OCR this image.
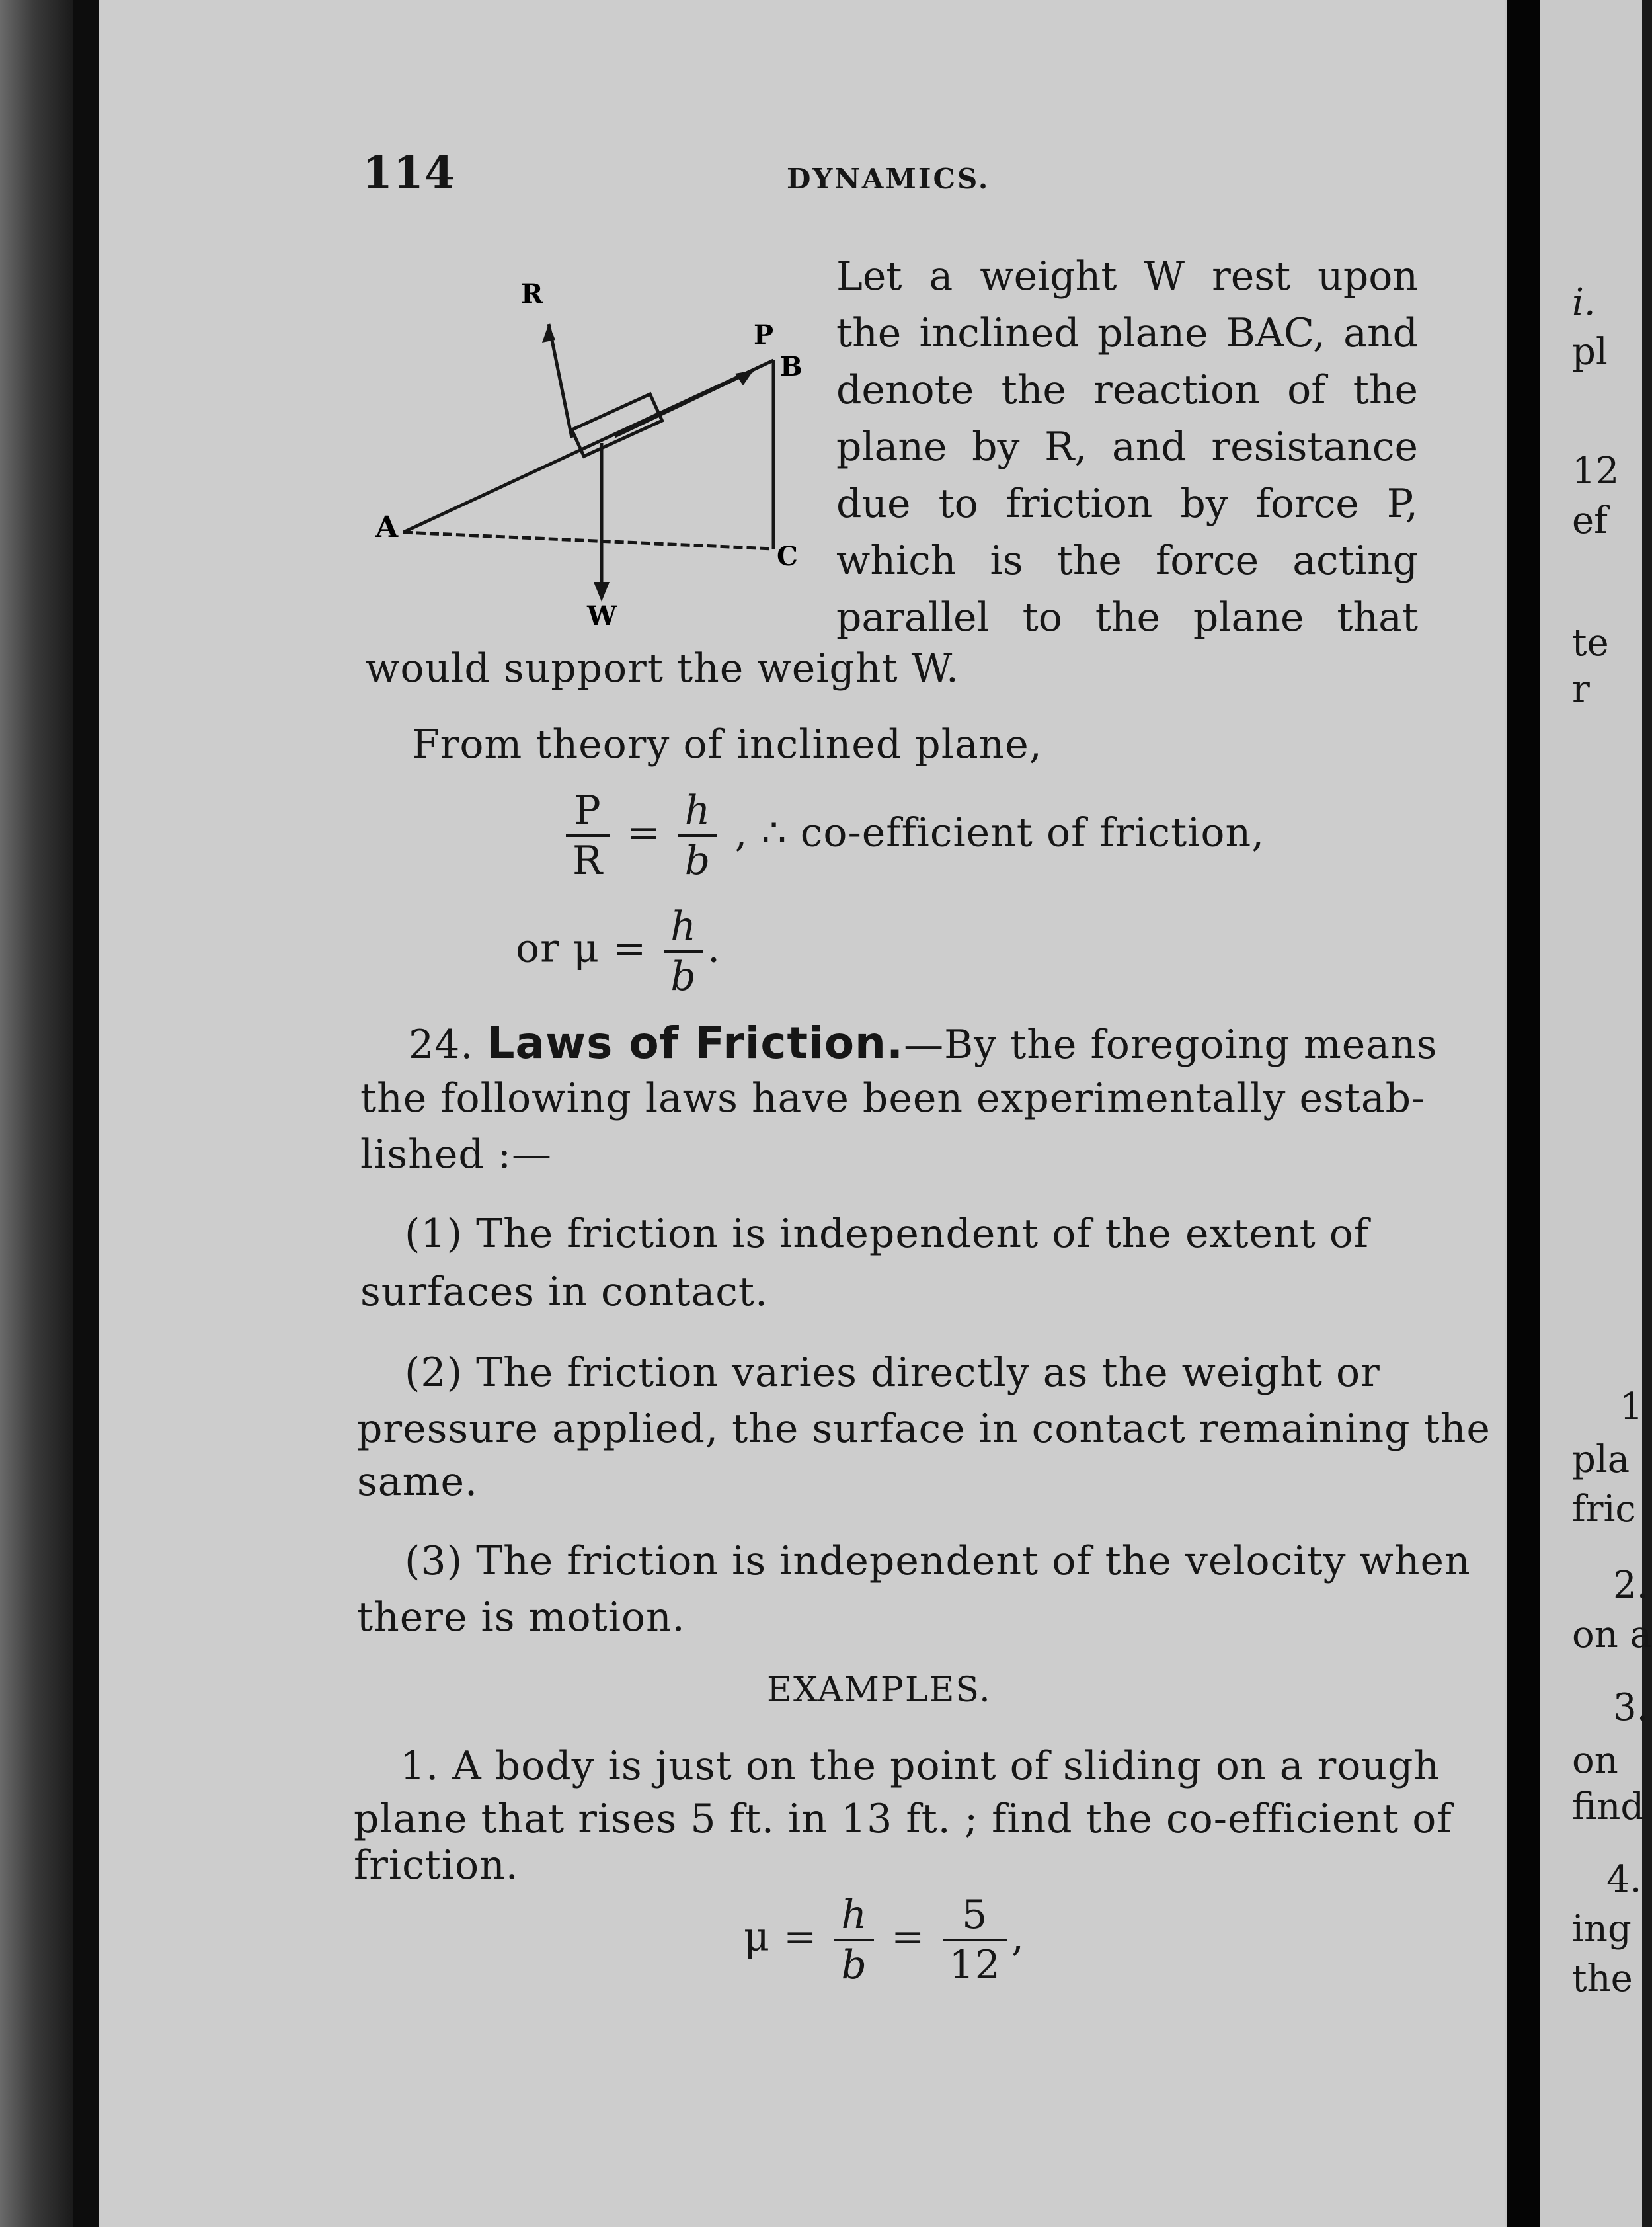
114	DYNAMICS.
A
B
C
P
R
W
Let a weight W rest upon
the inclined plane BAC, and
denote the reaction of the
plane by R, and resistance
due to friction by force P,
which is the force acting
parallel to the plane that
would support the weight W.
From theory of inclined plane,
$\frac{P}{R} = \frac{h}{b}$ , ∴ co-efficient of friction,
or $\mu = \frac{h}{b}$ .
24. Laws of Friction.—By the foregoing means
the following laws have been experimentally estab-
lished :—
(1) The friction is independent of the extent of
surfaces in contact.
(2) The friction varies directly as the weight or
pressure applied, the surface in contact remaining the
same.
(3) The friction is independent of the velocity when
there is motion.
EXAMPLES.
1. A body is just on the point of sliding on a rough
plane that rises 5 ft. in 13 ft. ; find the co-efficient of
friction.
$\mu = \frac{h}{b} = \frac{5}{12}$ ,
i.
pl
12
ef
te
r
1
pla
fric
2.
on a
3.
on
find
4.
ing
the
